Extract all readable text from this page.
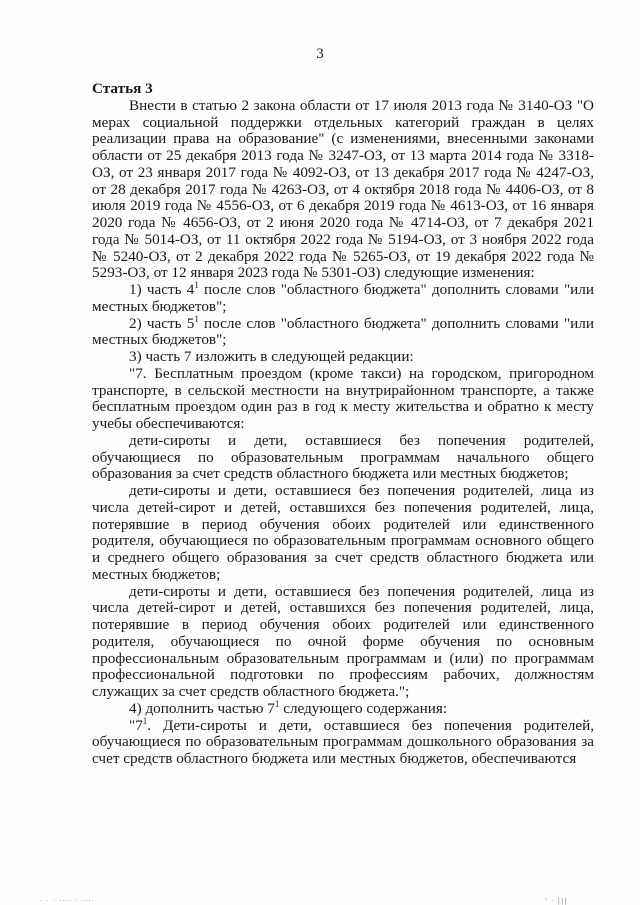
3

Статья 3

Внести в статью 2 закона области от 17 июля 2013 года № 3140-ОЗ "О мерах социальной поддержки отдельных категорий граждан в целях реализации права на образование" (с изменениями, внесенными законами области от 25 декабря 2013 года № 3247-ОЗ, от 13 марта 2014 года № 3318-ОЗ, от 23 января 2017 года № 4092-ОЗ, от 13 декабря 2017 года № 4247-ОЗ, от 28 декабря 2017 года № 4263-ОЗ, от 4 октября 2018 года № 4406-ОЗ, от 8 июля 2019 года № 4556-ОЗ, от 6 декабря 2019 года № 4613-ОЗ, от 16 января 2020 года № 4656-ОЗ, от 2 июня 2020 года № 4714-ОЗ, от 7 декабря 2021 года № 5014-ОЗ, от 11 октября 2022 года № 5194-ОЗ, от 3 ноября 2022 года № 5240-ОЗ, от 2 декабря 2022 года № 5265-ОЗ, от 19 декабря 2022 года № 5293-ОЗ, от 12 января 2023 года № 5301-ОЗ) следующие изменения:

1) часть $4^1$ после слов "областного бюджета" дополнить словами "или местных бюджетов";

2) часть $5^1$ после слов "областного бюджета" дополнить словами "или местных бюджетов";

3) часть 7 изложить в следующей редакции:

"7. Бесплатным проездом (кроме такси) на городском, пригородном транспорте, в сельской местности на внутрирайонном транспорте, а также бесплатным проездом один раз в год к месту жительства и обратно к месту учебы обеспечиваются:

дети-сироты и дети, оставшиеся без попечения родителей, обучающиеся по образовательным программам начального общего образования за счет средств областного бюджета или местных бюджетов;

дети-сироты и дети, оставшиеся без попечения родителей, лица из числа детей-сирот и детей, оставшихся без попечения родителей, лица, потерявшие в период обучения обоих родителей или единственного родителя, обучающиеся по образовательным программам основного общего и среднего общего образования за счет средств областного бюджета или местных бюджетов;

дети-сироты и дети, оставшиеся без попечения родителей, лица из числа детей-сирот и детей, оставшихся без попечения родителей, лица, потерявшие в период обучения обоих родителей или единственного родителя, обучающиеся по очной форме обучения по основным профессиональным образовательным программам и (или) по программам профессиональной подготовки по профессиям рабочих, должностям служащих за счет средств областного бюджета.";

4) дополнить частью $7^1$ следующего содержания:

"$7^1$. Дети-сироты и дети, оставшиеся без попечения родителей, обучающиеся по образовательным программам дошкольного образования за счет средств областного бюджета или местных бюджетов, обеспечиваются

· · · ···· · ····	' · |||
